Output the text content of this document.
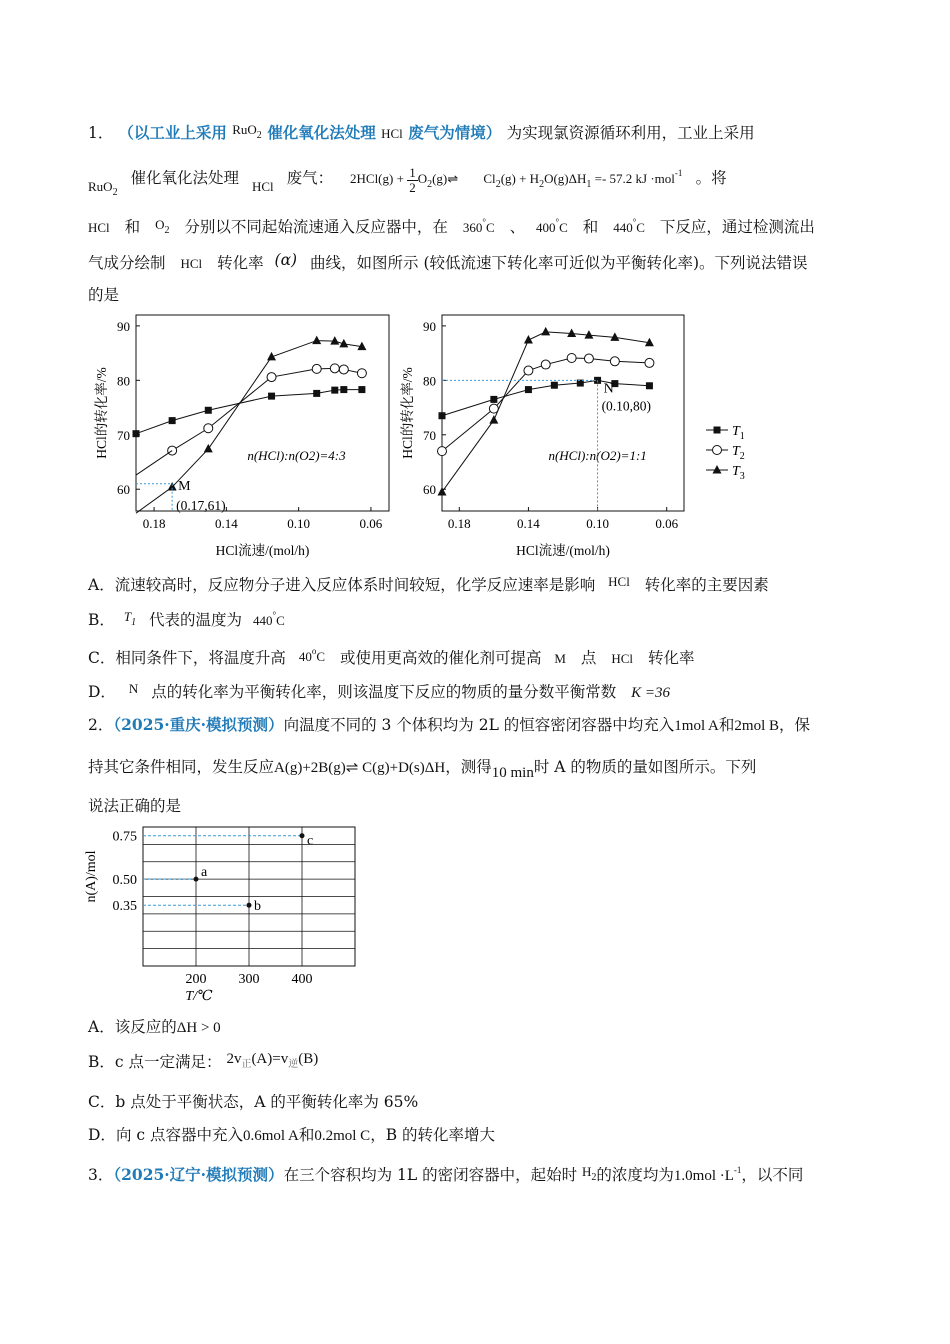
1． （以工业上采用 $^{RuO_2}$ 催化氧化法处理 HCl 废气为情境） 为实现氯资源循环利用，工业上采用
$_{RuO_2}$ 催化氧化法处理 $_{HCl}$ 废气： $2HCl(g) + \frac{1}{2}$ $O_2(g)\rightleftharpoons$ $Cl_2(g) + H_2O(g)\Delta H_1 =- 57.2$ kJ ·mol$^{-1}$ 。将
HCl 和 $O_2$ 分别以不同起始流速通入反应器中，在 360°C 、 400°C 和 440°C 下反应，通过检测流出
气成分绘制 HCl 转化率 (α) 曲线，如图所示 (较低流速下转化率可近似为平衡转化率)。下列说法错误
的是
0.18	0.14	0.10	0.06
60
70
80
90
HCl流速/(mol/h)
HCl的转化率/%	n(HCl):n(O2)=4:3
M
(0.17,61)
0.18	0.14	0.10	0.06
60
70
80
90
HCl流速/(mol/h)
HCl的转化率/%	n(HCl):n(O2)=1:1
N
(0.10,80)
$T_1$
$T_2$
$T_3$
A．流速较高时，反应物分子进入反应体系时间较短，化学反应速率是影响 $^{HCl}$ 转化率的主要因素
B． $^{T_1}$ 代表的温度为 440°C
C．相同条件下，将温度升高 40$^o$C 或使用更高效的催化剂可提高 M 点 HCl 转化率
D． $^N$ 点的转化率为平衡转化率，则该温度下反应的物质的量分数平衡常数 K =36
2．（2025·重庆·模拟预测）向温度不同的 3 个体积均为 2L 的恒容密闭容器中均充入1mol A和2mol B，保
持其它条件相同，发生反应A(g)+2B(g)⇌ C(g)+D(s)ΔH，测得10 min时 A 的物质的量如图所示。下列
说法正确的是
200 300 400
0.75
0.50
0.35
T/℃
n(A)/mol	a
b
c
A．该反应的ΔH > 0
B．c 点一定满足： $2v_正(A)=v_逆(B)$
C．b 点处于平衡状态，A 的平衡转化率为 65%
D．向 c 点容器中充入0.6mol A和0.2mol C，B 的转化率增大
3．（2025·辽宁·模拟预测）在三个容积均为 1L 的密闭容器中，起始时 $^{H_2}$的浓度均为$1.0mol \cdot L^{-1}$，以不同
